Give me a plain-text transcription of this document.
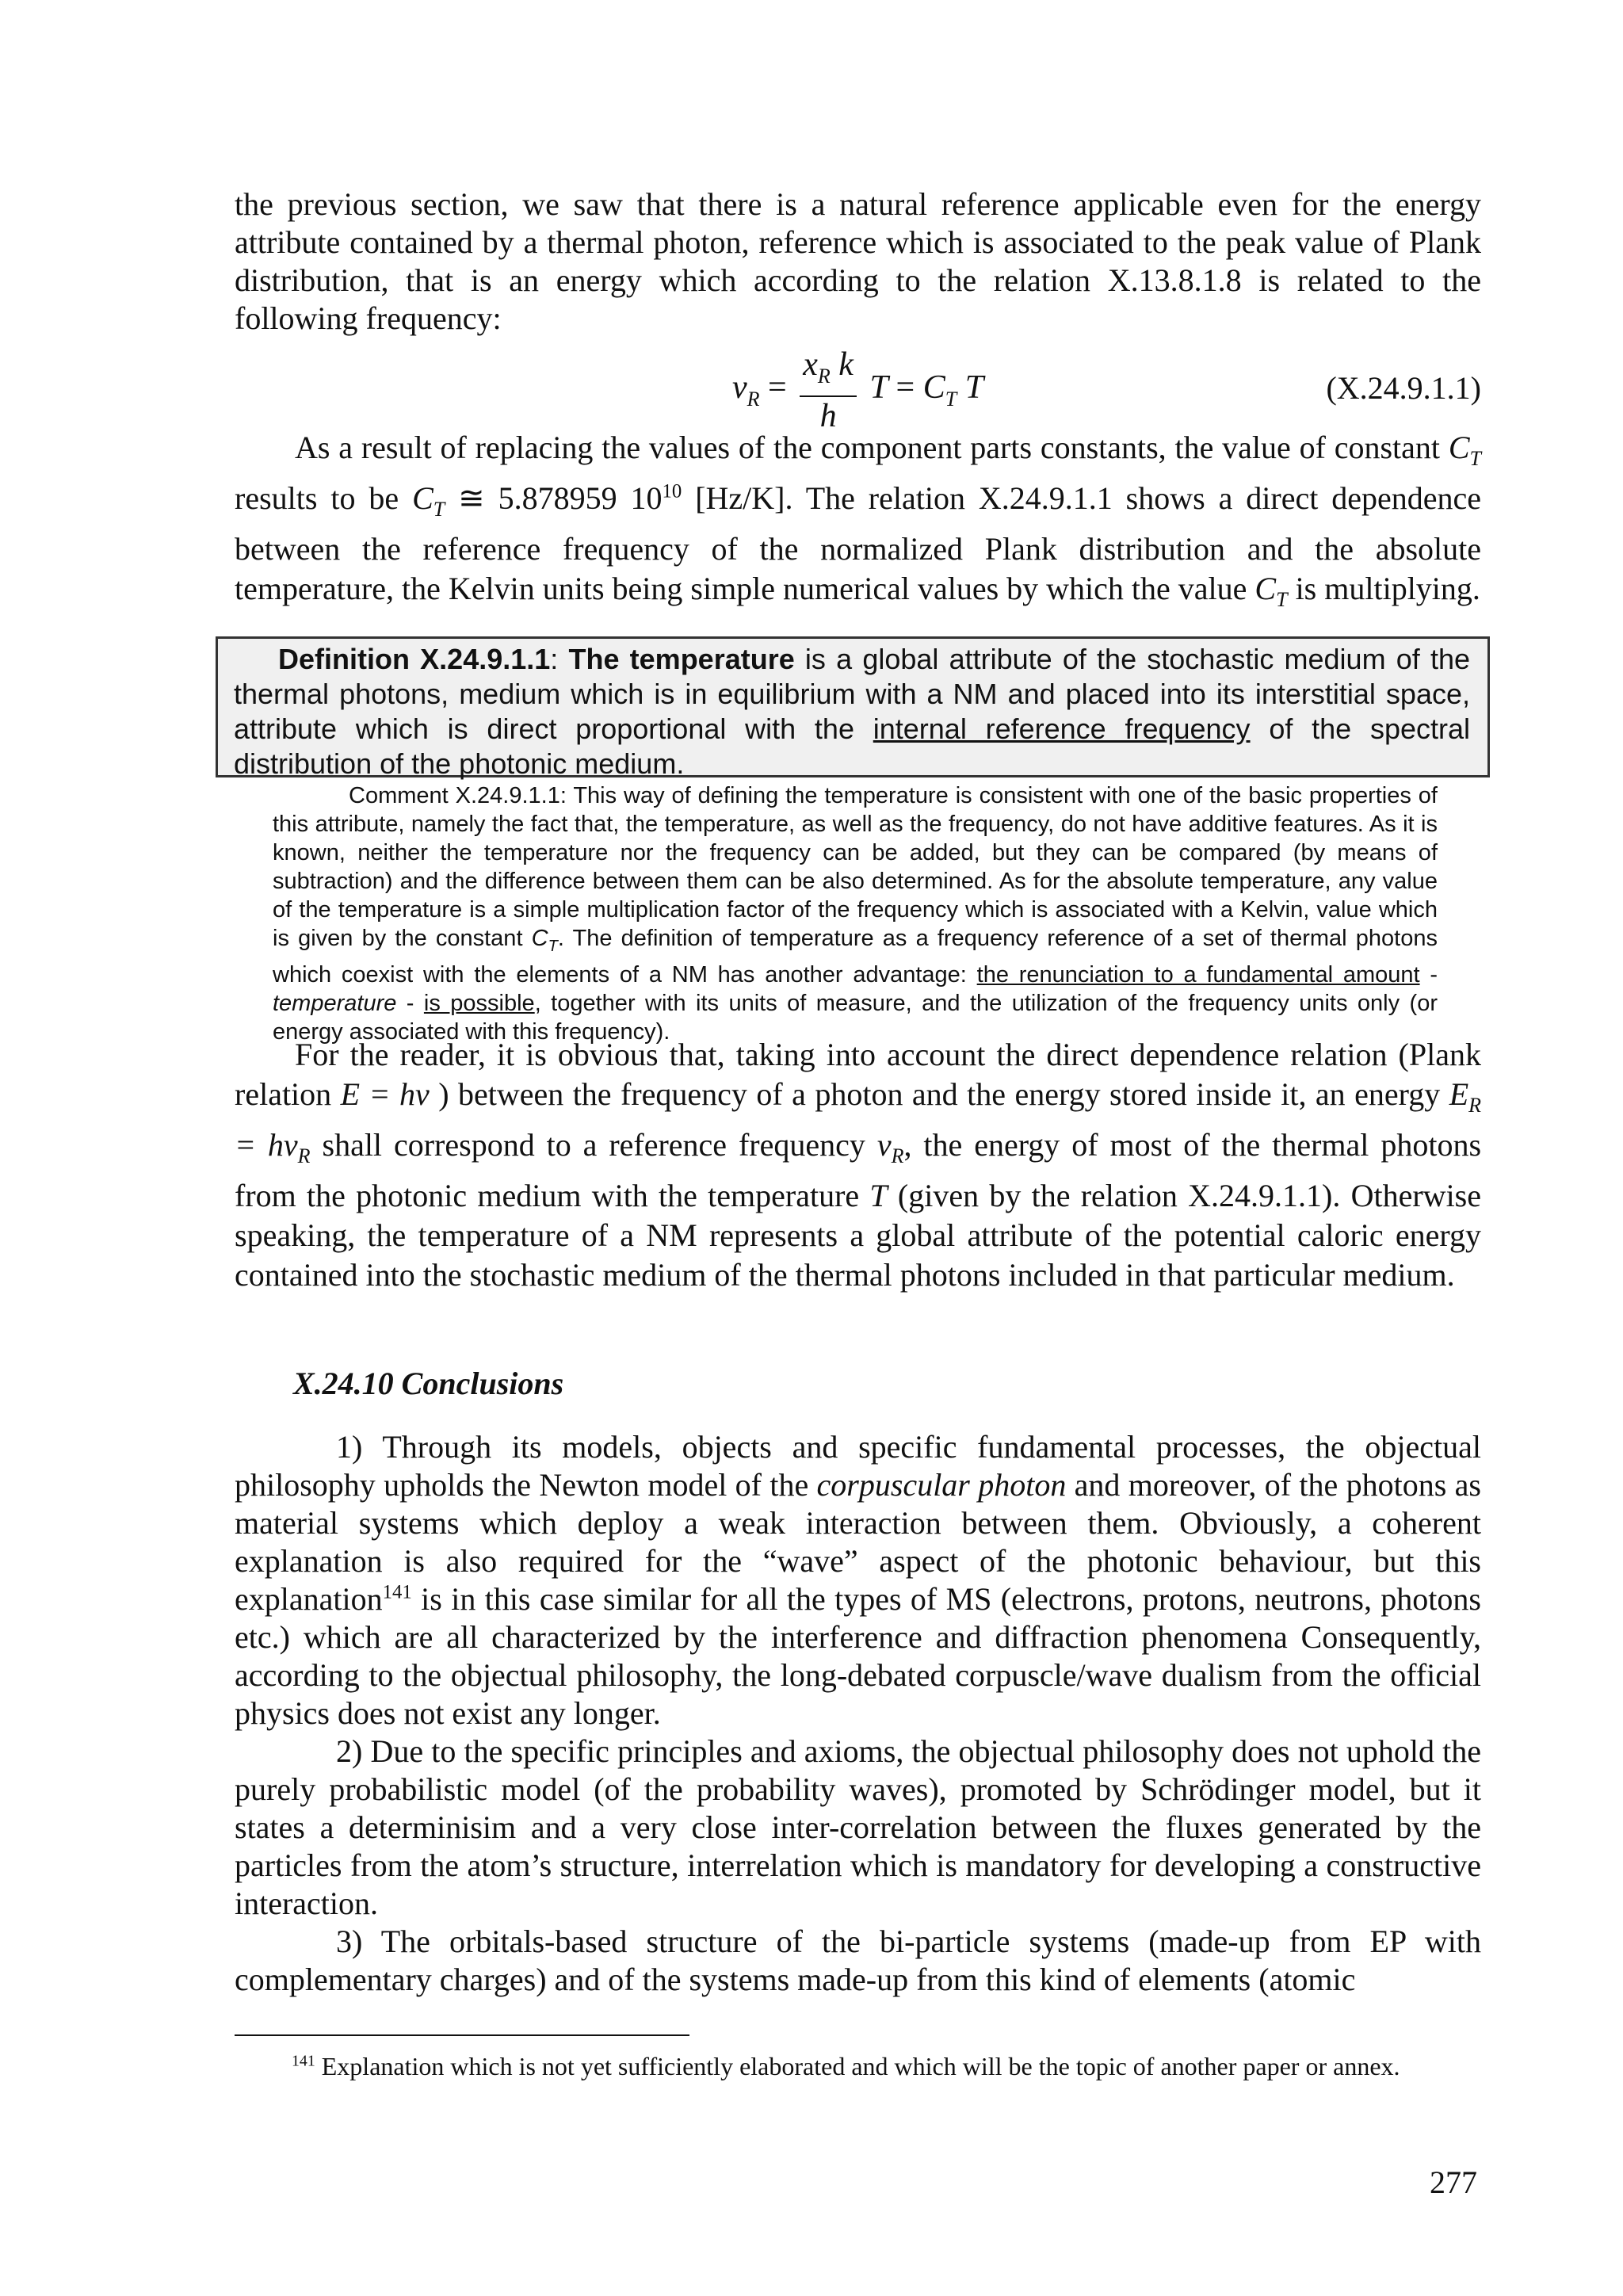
the previous section, we saw that there is a natural reference applicable even for the energy attribute contained by a thermal photon, reference which is associated to the peak value of Plank distribution, that is an energy which according to the relation X.13.8.1.8 is related to the following frequency:

$\nu_R = \frac{x_R k}{h}$ $T = C_T$ T	(X.24.9.1.1)

As a result of replacing the values of the component parts constants, the value of constant $C_T$ results to be $C_T$ ≅ 5.878959 $10^{10}$ [Hz/K]. The relation X.24.9.1.1 shows a direct dependence between the reference frequency of the normalized Plank distribution and the absolute temperature, the Kelvin units being simple numerical values by which the value $C_T$ is multiplying.

Definition X.24.9.1.1: The temperature is a global attribute of the stochastic medium of the thermal photons, medium which is in equilibrium with a NM and placed into its interstitial space, attribute which is direct proportional with the internal reference frequency of the spectral distribution of the photonic medium.

Comment X.24.9.1.1: This way of defining the temperature is consistent with one of the basic properties of this attribute, namely the fact that, the temperature, as well as the frequency, do not have additive features. As it is known, neither the temperature nor the frequency can be added, but they can be compared (by means of subtraction) and the difference between them can be also determined. As for the absolute temperature, any value of the temperature is a simple multiplication factor of the frequency which is associated with a Kelvin, value which is given by the constant $C_T$. The definition of temperature as a frequency reference of a set of thermal photons which coexist with the elements of a NM has another advantage: the renunciation to a fundamental amount - temperature - is possible, together with its units of measure, and the utilization of the frequency units only (or energy associated with this frequency).

For the reader, it is obvious that, taking into account the direct dependence relation (Plank relation E = hν ) between the frequency of a photon and the energy stored inside it, an energy $E_R = h\nu_R$ shall correspond to a reference frequency $\nu_R$, the energy of most of the thermal photons from the photonic medium with the temperature T (given by the relation X.24.9.1.1). Otherwise speaking, the temperature of a NM represents a global attribute of the potential caloric energy contained into the stochastic medium of the thermal photons included in that particular medium.

X.24.10 Conclusions

1) Through its models, objects and specific fundamental processes, the objectual philosophy upholds the Newton model of the corpuscular photon and moreover, of the photons as material systems which deploy a weak interaction between them. Obviously, a coherent explanation is also required for the “wave” aspect of the photonic behaviour, but this explanation$^{141}$ is in this case similar for all the types of MS (electrons, protons, neutrons, photons etc.) which are all characterized by the interference and diffraction phenomena Consequently, according to the objectual philosophy, the long-debated corpuscle/wave dualism from the official physics does not exist any longer.

2) Due to the specific principles and axioms, the objectual philosophy does not uphold the purely probabilistic model (of the probability waves), promoted by Schrödinger model, but it states a determinisim and a very close inter-correlation between the fluxes generated by the particles from the atom’s structure, interrelation which is mandatory for developing a constructive interaction.

3) The orbitals-based structure of the bi-particle systems (made-up from EP with complementary charges) and of the systems made-up from this kind of elements (atomic

$^{141}$ Explanation which is not yet sufficiently elaborated and which will be the topic of another paper or annex.

277
